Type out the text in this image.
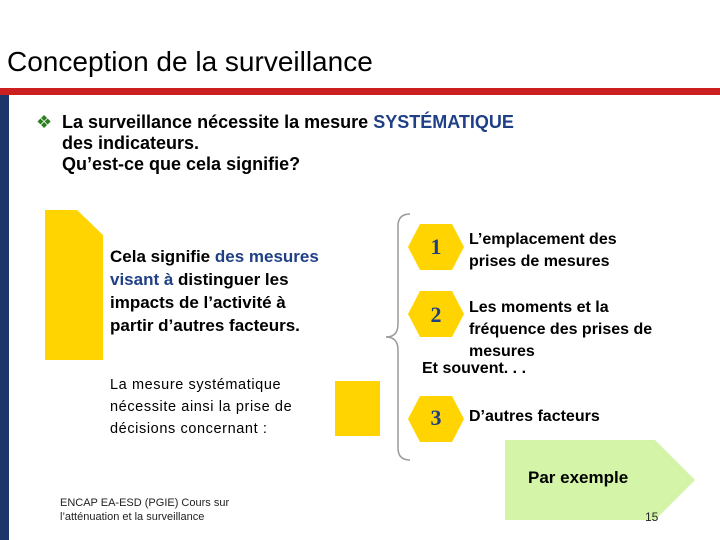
Conception de la surveillance
❖ La surveillance nécessite la mesure SYSTÉMATIQUE
des indicateurs.
Qu’est-ce que cela signifie?
Cela signifie des mesures visant à distinguer les impacts de l’activité à partir d’autres facteurs.
La mesure systématique nécessite ainsi la prise de décisions concernant :
1
2
3
L’emplacement des prises de mesures
Les moments et la fréquence des prises de mesures
Et souvent. . .
D’autres facteurs
Par exemple
ENCAP EA-ESD (PGIE) Cours sur
l’atténuation et la surveillance	15
